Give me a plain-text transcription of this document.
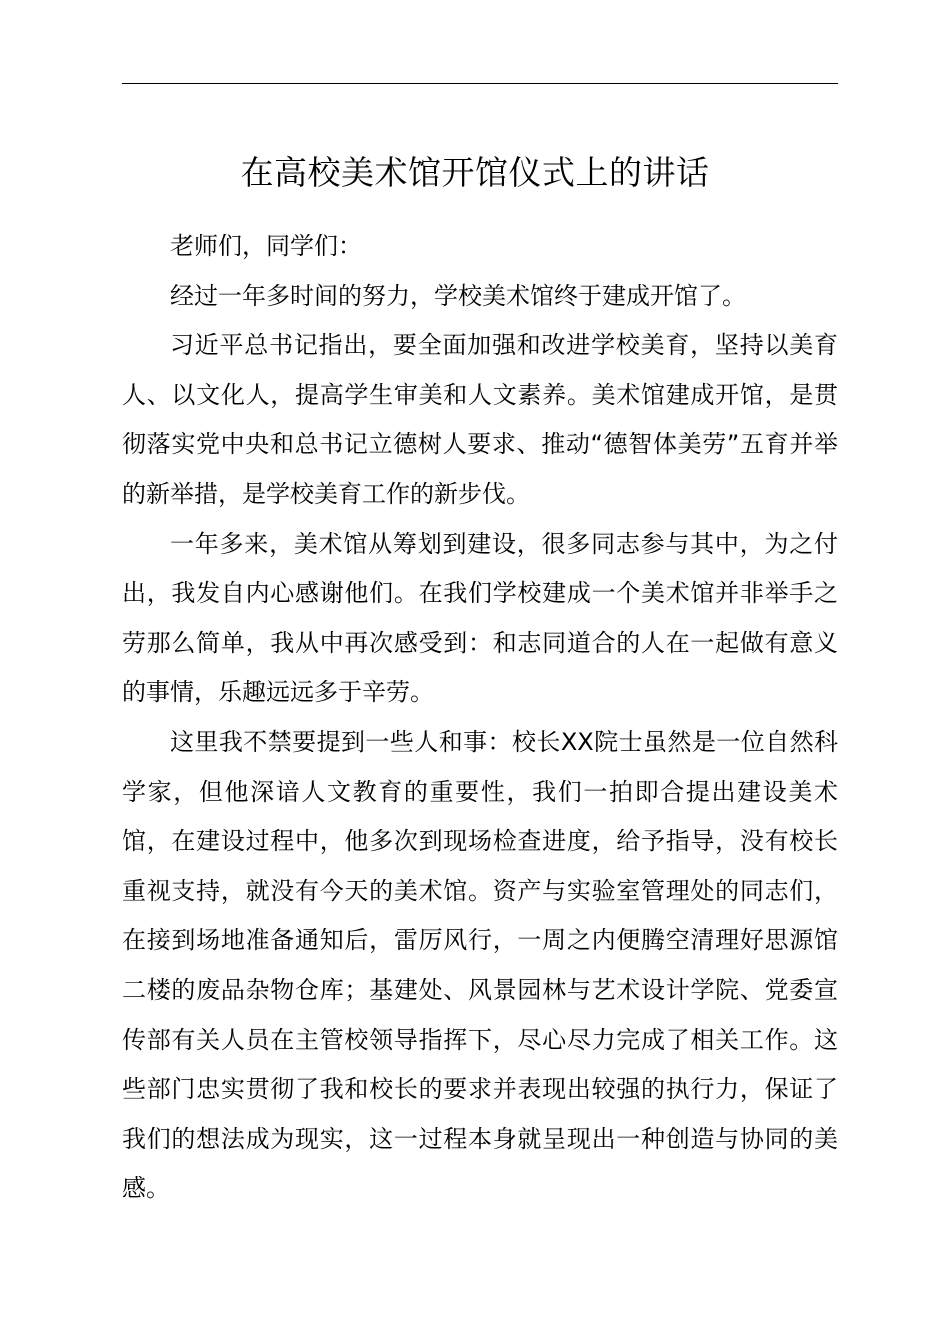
在高校美术馆开馆仪式上的讲话

老师们，同学们：

经过一年多时间的努力，学校美术馆终于建成开馆了。

习近平总书记指出，要全面加强和改进学校美育，坚持以美育人、以文化人，提高学生审美和人文素养。美术馆建成开馆，是贯彻落实党中央和总书记立德树人要求、推动“德智体美劳”五育并举的新举措，是学校美育工作的新步伐。

一年多来，美术馆从筹划到建设，很多同志参与其中，为之付出，我发自内心感谢他们。在我们学校建成一个美术馆并非举手之劳那么简单，我从中再次感受到：和志同道合的人在一起做有意义的事情，乐趣远远多于辛劳。

这里我不禁要提到一些人和事：校长XX院士虽然是一位自然科学家，但他深谙人文教育的重要性，我们一拍即合提出建设美术馆，在建设过程中，他多次到现场检查进度，给予指导，没有校长重视支持，就没有今天的美术馆。资产与实验室管理处的同志们，在接到场地准备通知后，雷厉风行，一周之内便腾空清理好思源馆二楼的废品杂物仓库；基建处、风景园林与艺术设计学院、党委宣传部有关人员在主管校领导指挥下，尽心尽力完成了相关工作。这些部门忠实贯彻了我和校长的要求并表现出较强的执行力，保证了我们的想法成为现实，这一过程本身就呈现出一种创造与协同的美感。
